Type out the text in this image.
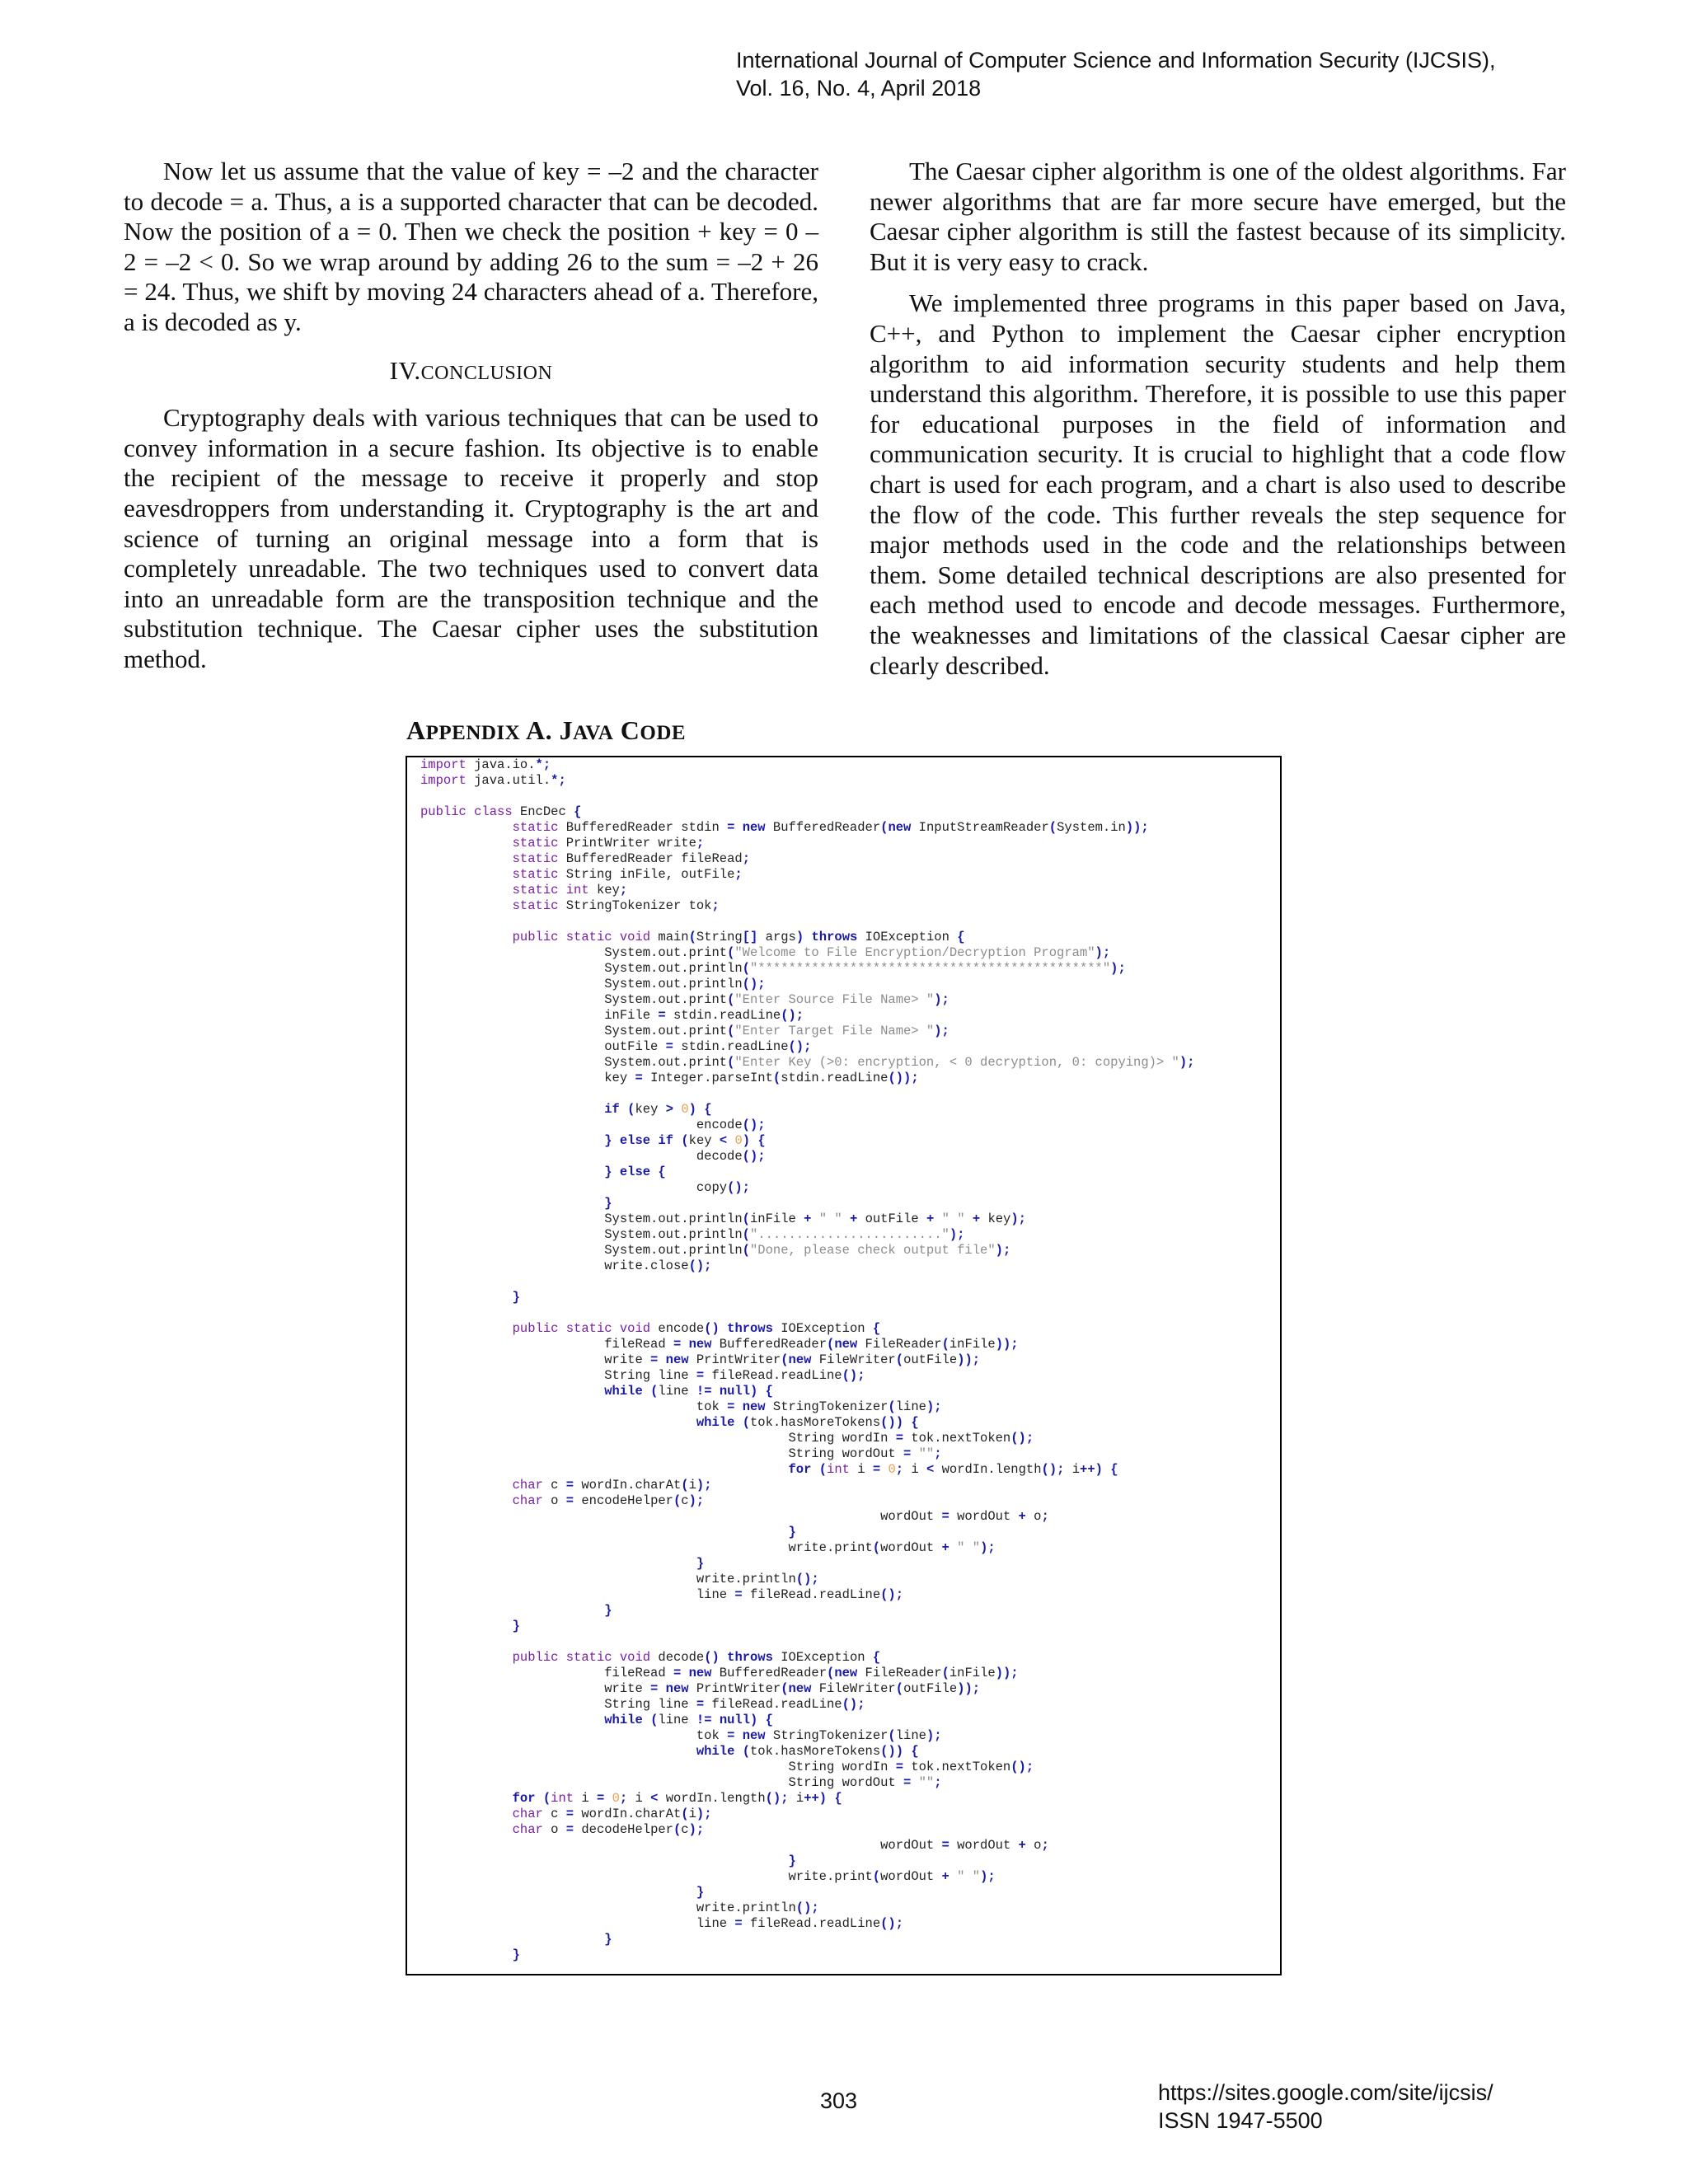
International Journal of Computer Science and Information Security (IJCSIS),
Vol. 16, No. 4, April 2018

Now let us assume that the value of key = –2 and the character to decode = a. Thus, a is a supported character that can be decoded. Now the position of a = 0. Then we check the position + key = 0 – 2 = –2 < 0. So we wrap around by adding 26 to the sum = –2 + 26 = 24. Thus, we shift by moving 24 characters ahead of a. Therefore, a is decoded as y.

IV.CONCLUSION

Cryptography deals with various techniques that can be used to convey information in a secure fashion. Its objective is to enable the recipient of the message to receive it properly and stop eavesdroppers from understanding it. Cryptography is the art and science of turning an original message into a form that is completely unreadable. The two techniques used to convert data into an unreadable form are the transposition technique and the substitution technique. The Caesar cipher uses the substitution method.

The Caesar cipher algorithm is one of the oldest algorithms. Far newer algorithms that are far more secure have emerged, but the Caesar cipher algorithm is still the fastest because of its simplicity. But it is very easy to crack.

We implemented three programs in this paper based on Java, C++, and Python to implement the Caesar cipher encryption algorithm to aid information security students and help them understand this algorithm. Therefore, it is possible to use this paper for educational purposes in the field of information and communication security. It is crucial to highlight that a code flow chart is used for each program, and a chart is also used to describe the flow of the code. This further reveals the step sequence for major methods used in the code and the relationships between them. Some detailed technical descriptions are also presented for each method used to encode and decode messages. Furthermore, the weaknesses and limitations of the classical Caesar cipher are clearly described.

APPENDIX A. JAVA CODE
import java.io.*;
import java.util.*;

public class EncDec {
static BufferedReader stdin = new BufferedReader(new InputStreamReader(System.in));
static PrintWriter write;
static BufferedReader fileRead;
static String inFile, outFile;
static int key;
static StringTokenizer tok;

public static void main(String[] args) throws IOException {
System.out.print("Welcome to File Encryption/Decryption Program");
System.out.println("*********************************************");
System.out.println();
System.out.print("Enter Source File Name> ");
inFile = stdin.readLine();
System.out.print("Enter Target File Name> ");
outFile = stdin.readLine();
System.out.print("Enter Key (>0: encryption, < 0 decryption, 0: copying)> ");
key = Integer.parseInt(stdin.readLine());

if (key > 0) {
encode();
} else if (key < 0) {
decode();
} else {
copy();
}
System.out.println(inFile + " " + outFile + " " + key);
System.out.println("........................");
System.out.println("Done, please check output file");
write.close();

}

public static void encode() throws IOException {
fileRead = new BufferedReader(new FileReader(inFile));
write = new PrintWriter(new FileWriter(outFile));
String line = fileRead.readLine();
while (line != null) {
tok = new StringTokenizer(line);
while (tok.hasMoreTokens()) {
String wordIn = tok.nextToken();
String wordOut = "";
for (int i = 0; i < wordIn.length(); i++) {
char c = wordIn.charAt(i);
char o = encodeHelper(c);
wordOut = wordOut + o;
}
write.print(wordOut + " ");
}
write.println();
line = fileRead.readLine();
}
}

public static void decode() throws IOException {
fileRead = new BufferedReader(new FileReader(inFile));
write = new PrintWriter(new FileWriter(outFile));
String line = fileRead.readLine();
while (line != null) {
tok = new StringTokenizer(line);
while (tok.hasMoreTokens()) {
String wordIn = tok.nextToken();
String wordOut = "";
for (int i = 0; i < wordIn.length(); i++) {
char c = wordIn.charAt(i);
char o = decodeHelper(c);
wordOut = wordOut + o;
}
write.print(wordOut + " ");
}
write.println();
line = fileRead.readLine();
}
}
303	https://sites.google.com/site/ijcsis/
ISSN 1947-5500
